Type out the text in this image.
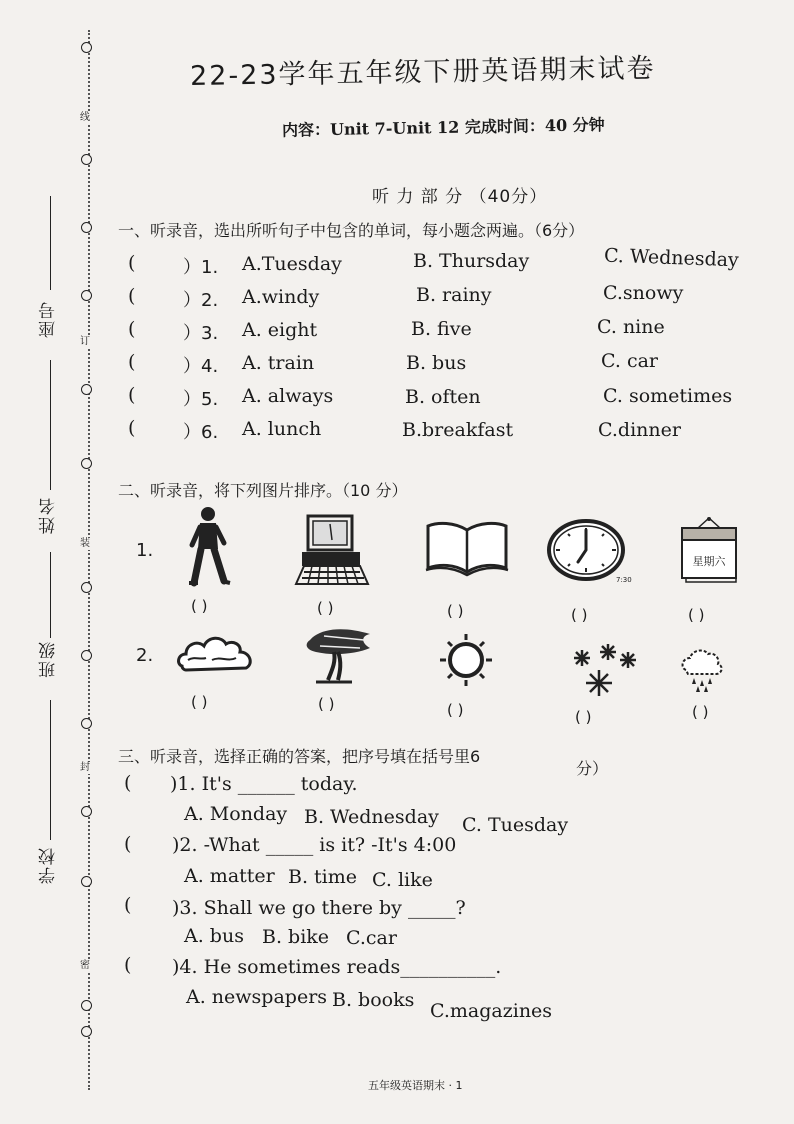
线
订
装
封
密
座号
姓名
班级
学校
22-23学年五年级下册英语期末试卷
内容：Unit 7-Unit 12 完成时间：40 分钟
听 力 部 分 （40分）
一、听录音，选出所听句子中包含的单词，每小题念两遍。（6分）
(	）1. A.Tuesday	B. Thursday	C. Wednesday
(	）2. A.windy	B. rainy	C.snowy
(	）3. A. eight	B. five	C. nine
(	）4. A. train	B. bus	C. car
(	）5. A. always	B. often	C. sometimes
(	）6. A. lunch	B.breakfast	C.dinner
二、听录音，将下列图片排序。（10 分）
1.
2.
7:30
星期六
( )	( )	( )	( )	( )
( )	( )	( )	( )	( )
三、听录音，选择正确的答案，把序号填在括号里6
分）
( )1. It's ______ today.
A. Monday B. Wednesday C. Tuesday
( )2. -What _____ is it? -It's 4:00
A. matter B. time C. like
( )3. Shall we go there by _____?
A. bus B. bike C.car
( )4. He sometimes reads__________.
A. newspapers B. books C.magazines
五年级英语期末 · 1
